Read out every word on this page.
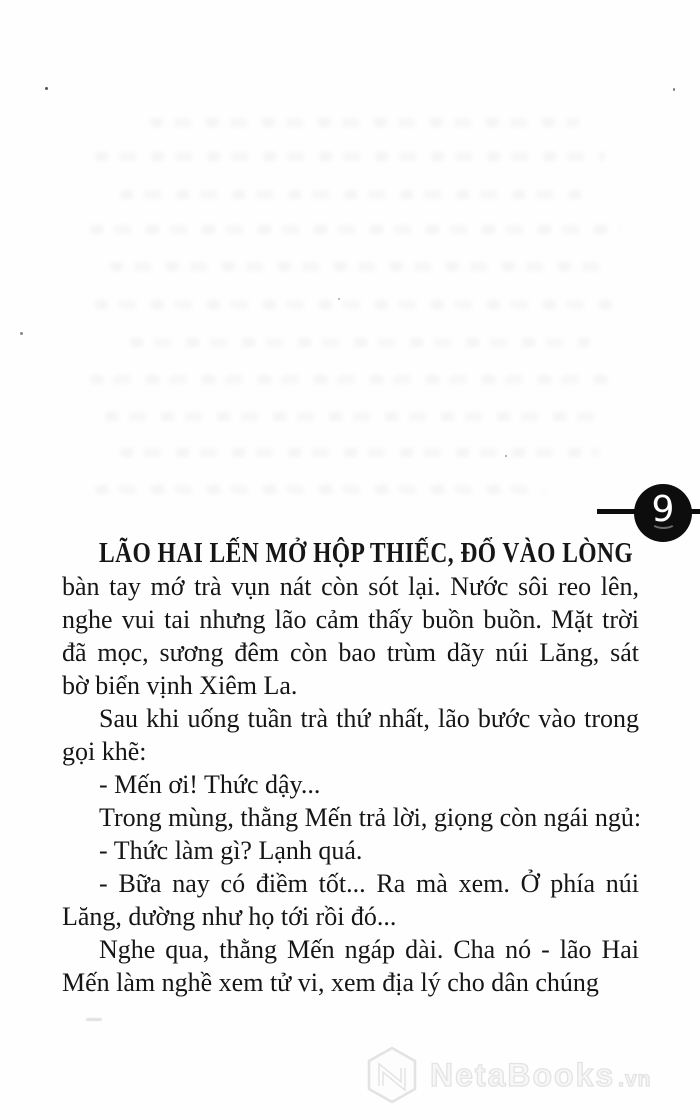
9
LÃO HAI LẾN MỞ HỘP THIẾC, ĐỔ VÀO LÒNG
bàn tay mớ trà vụn nát còn sót lại. Nước sôi reo lên,
nghe vui tai nhưng lão cảm thấy buồn buồn. Mặt trời
đã mọc, sương đêm còn bao trùm dãy núi Lăng, sát
bờ biển vịnh Xiêm La.
Sau khi uống tuần trà thứ nhất, lão bước vào trong
gọi khẽ:
- Mến ơi! Thức dậy...
Trong mùng, thằng Mến trả lời, giọng còn ngái ngủ:
- Thức làm gì? Lạnh quá.
- Bữa nay có điềm tốt... Ra mà xem. Ở phía núi
Lăng, dường như họ tới rồi đó...
Nghe qua, thằng Mến ngáp dài. Cha nó - lão Hai
Mến làm nghề xem tử vi, xem địa lý cho dân chúng
NetaBooks .vn
